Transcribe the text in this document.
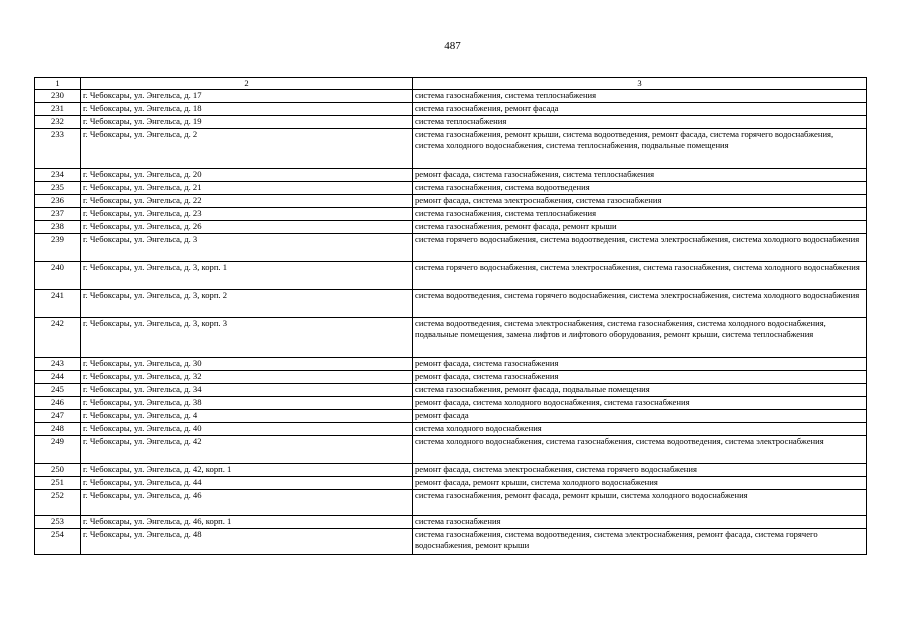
487
1	2	3
230	г. Чебоксары, ул. Энгельса, д. 17	система газоснабжения, система теплоснабжения
231	г. Чебоксары, ул. Энгельса, д. 18	система газоснабжения, ремонт фасада
232	г. Чебоксары, ул. Энгельса, д. 19	система теплоснабжения
233	г. Чебоксары, ул. Энгельса, д. 2	система газоснабжения, ремонт крыши, система водоотведения, ремонт фасада, система горячего водоснабжения, система холодного водоснабжения, система теплоснабжения, подвальные помещения
234	г. Чебоксары, ул. Энгельса, д. 20	ремонт фасада, система газоснабжения, система теплоснабжения
235	г. Чебоксары, ул. Энгельса, д. 21	система газоснабжения, система водоотведения
236	г. Чебоксары, ул. Энгельса, д. 22	ремонт фасада, система электроснабжения, система газоснабжения
237	г. Чебоксары, ул. Энгельса, д. 23	система газоснабжения, система теплоснабжения
238	г. Чебоксары, ул. Энгельса, д. 26	система газоснабжения, ремонт фасада, ремонт крыши
239	г. Чебоксары, ул. Энгельса, д. 3	система горячего водоснабжения, система водоотведения, система электроснабжения, система холодного водоснабжения
240	г. Чебоксары, ул. Энгельса, д. 3, корп. 1	система горячего водоснабжения, система электроснабжения, система газоснабжения, система холодного водоснабжения
241	г. Чебоксары, ул. Энгельса, д. 3, корп. 2	система водоотведения, система горячего водоснабжения, система электроснабжения, система холодного водоснабжения
242	г. Чебоксары, ул. Энгельса, д. 3, корп. 3	система водоотведения, система электроснабжения, система газоснабжения, система холодного водоснабжения, подвальные помещения, замена лифтов и лифтового оборудования, ремонт крыши, система теплоснабжения
243	г. Чебоксары, ул. Энгельса, д. 30	ремонт фасада, система газоснабжения
244	г. Чебоксары, ул. Энгельса, д. 32	ремонт фасада, система газоснабжения
245	г. Чебоксары, ул. Энгельса, д. 34	система газоснабжения, ремонт фасада, подвальные помещения
246	г. Чебоксары, ул. Энгельса, д. 38	ремонт фасада, система холодного водоснабжения, система газоснабжения
247	г. Чебоксары, ул. Энгельса, д. 4	ремонт фасада
248	г. Чебоксары, ул. Энгельса, д. 40	система холодного водоснабжения
249	г. Чебоксары, ул. Энгельса, д. 42	система холодного водоснабжения, система газоснабжения, система водоотведения, система электроснабжения
250	г. Чебоксары, ул. Энгельса, д. 42, корп. 1	ремонт фасада, система электроснабжения, система горячего водоснабжения
251	г. Чебоксары, ул. Энгельса, д. 44	ремонт фасада, ремонт крыши, система холодного водоснабжения
252	г. Чебоксары, ул. Энгельса, д. 46	система газоснабжения, ремонт фасада, ремонт крыши, система холодного водоснабжения
253	г. Чебоксары, ул. Энгельса, д. 46, корп. 1	система газоснабжения
254	г. Чебоксары, ул. Энгельса, д. 48	система газоснабжения, система водоотведения, система электроснабжения, ремонт фасада, система горячего водоснабжения, ремонт крыши
